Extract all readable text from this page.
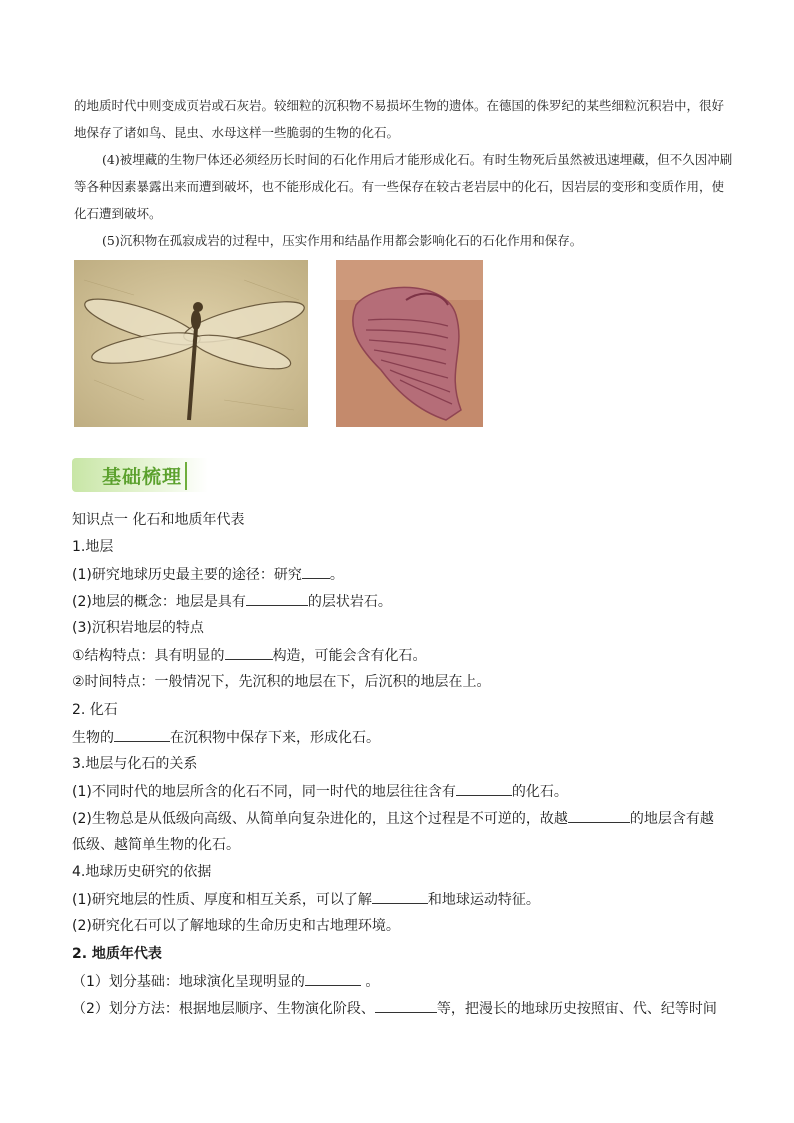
的地质时代中则变成页岩或石灰岩。较细粒的沉积物不易损坏生物的遗体。在德国的侏罗纪的某些细粒沉积岩中，很好地保存了诸如鸟、昆虫、水母这样一些脆弱的生物的化石。
(4)被埋藏的生物尸体还必须经历长时间的石化作用后才能形成化石。有时生物死后虽然被迅速埋藏，但不久因冲刷等各种因素暴露出来而遭到破坏，也不能形成化石。有一些保存在较古老岩层中的化石，因岩层的变形和变质作用，使化石遭到破坏。
(5)沉积物在孤寂成岩的过程中，压实作用和结晶作用都会影响化石的石化作用和保存。
基础梳理
知识点一 化石和地质年代表
1.地层
(1)研究地球历史最主要的途径：研究 。
(2)地层的概念：地层是具有	的层状岩石。
(3)沉积岩地层的特点
①结构特点：具有明显的	构造，可能会含有化石。
②时间特点：一般情况下，先沉积的地层在下，后沉积的地层在上。
2. 化石
生物的	在沉积物中保存下来，形成化石。
3.地层与化石的关系
(1)不同时代的地层所含的化石不同，同一时代的地层往往含有	的化石。
(2)生物总是从低级向高级、从简单向复杂进化的，且这个过程是不可逆的，故越	的地层含有越
低级、越简单生物的化石。
4.地球历史研究的依据
(1)研究地层的性质、厚度和相互关系，可以了解	和地球运动特征。
(2)研究化石可以了解地球的生命历史和古地理环境。
2. 地质年代表
（1）划分基础：地球演化呈现明显的	。
（2）划分方法：根据地层顺序、生物演化阶段、	等，把漫长的地球历史按照宙、代、纪等时间
